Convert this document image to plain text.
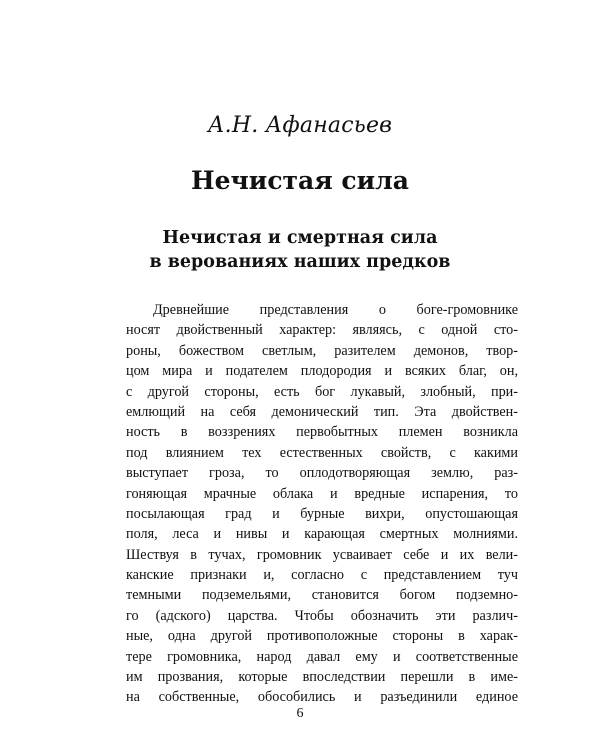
А.Н. Афанасьев
Нечистая сила
Нечистая и смертная сила
в верованиях наших предков
Древнейшие представления о боге-громовнике
носят двойственный характер: являясь, с одной сто-
роны, божеством светлым, разителем демонов, твор-
цом мира и подателем плодородия и всяких благ, он,
с другой стороны, есть бог лукавый, злобный, при-
емлющий на себя демонический тип. Эта двойствен-
ность в воззрениях первобытных племен возникла
под влиянием тех естественных свойств, с какими
выступает гроза, то оплодотворяющая землю, раз-
гоняющая мрачные облака и вредные испарения, то
посылающая град и бурные вихри, опустошающая
поля, леса и нивы и карающая смертных молниями.
Шествуя в тучах, громовник усваивает себе и их вели-
канские признаки и, согласно с представлением туч
темными подземельями, становится богом подземно-
го (адского) царства. Чтобы обозначить эти различ-
ные, одна другой противоположные стороны в харак-
тере громовника, народ давал ему и соответственные
им прозвания, которые впоследствии перешли в име-
на собственные, обособились и разъединили единое
6
